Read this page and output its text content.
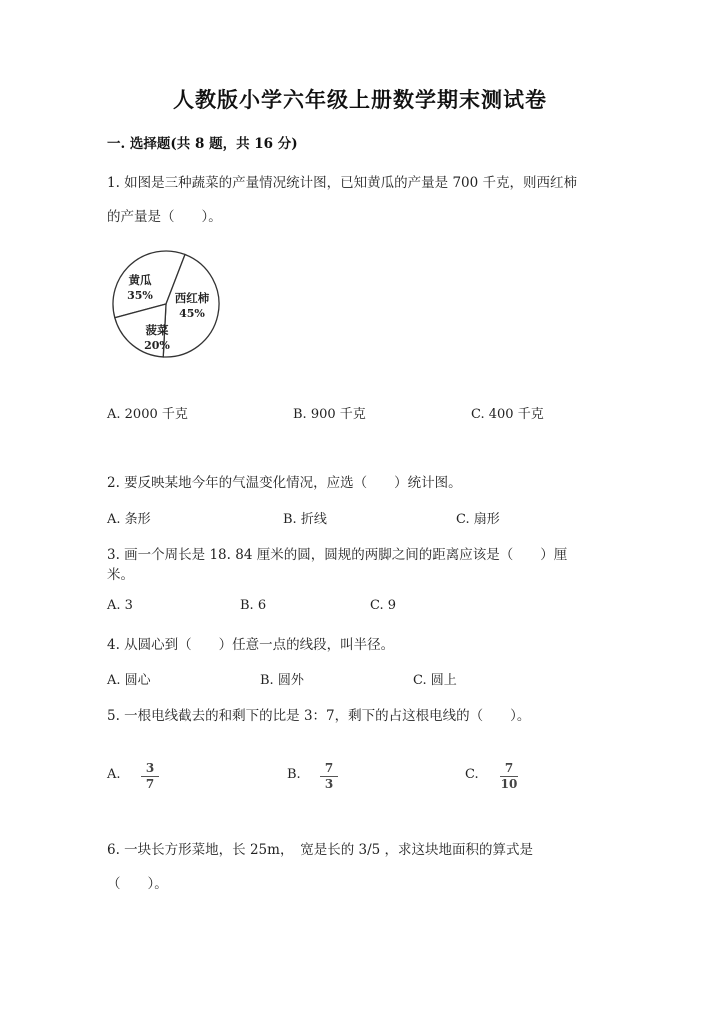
人教版小学六年级上册数学期末测试卷
一. 选择题(共 8 题，共 16 分)
1. 如图是三种蔬菜的产量情况统计图，已知黄瓜的产量是 700 千克，则西红柿
的产量是（　　）。
黄瓜
35% 西红柿
45%
菠菜
20%
A. 2000 千克	B. 900 千克	C. 400 千克
2. 要反映某地今年的气温变化情况，应选（　　）统计图。
A. 条形	B. 折线	C. 扇形
3. 画一个周长是 18. 84 厘米的圆，圆规的两脚之间的距离应该是（　　）厘
米。
A. 3	B. 6	C. 9
4. 从圆心到（　　）任意一点的线段，叫半径。
A. 圆心	B. 圆外	C. 圆上
5. 一根电线截去的和剩下的比是 3：7，剩下的占这根电线的（　　）。
A.	3
7
B.	7
3
C.	7
10
6. 一块长方形菜地，长 25m，　宽是长的 3/5 ，求这块地面积的算式是
（　　）。
